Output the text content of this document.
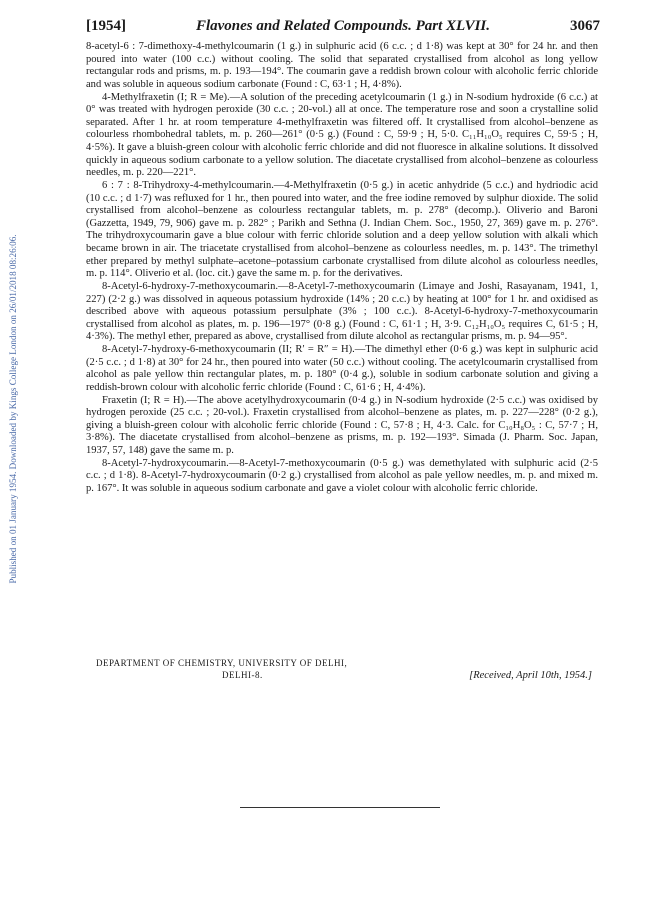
[1954]	Flavones and Related Compounds. Part XLVII.	3067
Published on 01 January 1954. Downloaded by Kings College London on 26/01/2018 08:26:06.

8-acetyl-6 : 7-dimethoxy-4-methylcoumarin (1 g.) in sulphuric acid (6 c.c. ; d 1·8) was kept at 30° for 24 hr. and then poured into water (100 c.c.) without cooling. The solid that separated crystallised from alcohol as long yellow rectangular rods and prisms, m. p. 193—194°. The coumarin gave a reddish brown colour with alcoholic ferric chloride and was soluble in aqueous sodium carbonate (Found : C, 63·1 ; H, 4·8%).

4-Methylfraxetin (I; R = Me).—A solution of the preceding acetylcoumarin (1 g.) in N-sodium hydroxide (6 c.c.) at 0° was treated with hydrogen peroxide (30 c.c. ; 20-vol.) all at once. The temperature rose and soon a crystalline solid separated. After 1 hr. at room temperature 4-methylfraxetin was filtered off. It crystallised from alcohol–benzene as colourless rhombohedral tablets, m. p. 260—261° (0·5 g.) (Found : C, 59·9 ; H, 5·0. C₁₁H₁₀O₅ requires C, 59·5 ; H, 4·5%). It gave a bluish-green colour with alcoholic ferric chloride and did not fluoresce in alkaline solutions. It dissolved quickly in aqueous sodium carbonate to a yellow solution. The diacetate crystallised from alcohol–benzene as colourless needles, m. p. 220—221°.

6 : 7 : 8-Trihydroxy-4-methylcoumarin.—4-Methylfraxetin (0·5 g.) in acetic anhydride (5 c.c.) and hydriodic acid (10 c.c. ; d 1·7) was refluxed for 1 hr., then poured into water, and the free iodine removed by sulphur dioxide. The solid crystallised from alcohol–benzene as colourless rectangular tablets, m. p. 278° (decomp.). Oliverio and Baroni (Gazzetta, 1949, 79, 906) gave m. p. 282° ; Parikh and Sethna (J. Indian Chem. Soc., 1950, 27, 369) gave m. p. 276°. The trihydroxycoumarin gave a blue colour with ferric chloride solution and a deep yellow solution with alkali which became brown in air. The triacetate crystallised from alcohol–benzene as colourless needles, m. p. 143°. The trimethyl ether prepared by methyl sulphate–acetone–potassium carbonate crystallised from dilute alcohol as colourless needles, m. p. 114°. Oliverio et al. (loc. cit.) gave the same m. p. for the derivatives.

8-Acetyl-6-hydroxy-7-methoxycoumarin.—8-Acetyl-7-methoxycoumarin (Limaye and Joshi, Rasayanam, 1941, 1, 227) (2·2 g.) was dissolved in aqueous potassium hydroxide (14% ; 20 c.c.) by heating at 100° for 1 hr. and oxidised as described above with aqueous potassium persulphate (3% ; 100 c.c.). 8-Acetyl-6-hydroxy-7-methoxycoumarin crystallised from alcohol as plates, m. p. 196—197° (0·8 g.) (Found : C, 61·1 ; H, 3·9. C₁₂H₁₀O₅ requires C, 61·5 ; H, 4·3%). The methyl ether, prepared as above, crystallised from dilute alcohol as rectangular prisms, m. p. 94—95°.

8-Acetyl-7-hydroxy-6-methoxycoumarin (II; R′ = R″ = H).—The dimethyl ether (0·6 g.) was kept in sulphuric acid (2·5 c.c. ; d 1·8) at 30° for 24 hr., then poured into water (50 c.c.) without cooling. The acetylcoumarin crystallised from alcohol as pale yellow thin rectangular plates, m. p. 180° (0·4 g.), soluble in sodium carbonate solution and giving a reddish-brown colour with alcoholic ferric chloride (Found : C, 61·6 ; H, 4·4%).

Fraxetin (I; R = H).—The above acetylhydroxycoumarin (0·4 g.) in N-sodium hydroxide (2·5 c.c.) was oxidised by hydrogen peroxide (25 c.c. ; 20-vol.). Fraxetin crystallised from alcohol–benzene as plates, m. p. 227—228° (0·2 g.), giving a bluish-green colour with alcoholic ferric chloride (Found : C, 57·8 ; H, 4·3. Calc. for C₁₀H₈O₅ : C, 57·7 ; H, 3·8%). The diacetate crystallised from alcohol–benzene as prisms, m. p. 192—193°. Simada (J. Pharm. Soc. Japan, 1937, 57, 148) gave the same m. p.

8-Acetyl-7-hydroxycoumarin.—8-Acetyl-7-methoxycoumarin (0·5 g.) was demethylated with sulphuric acid (2·5 c.c. ; d 1·8). 8-Acetyl-7-hydroxycoumarin (0·2 g.) crystallised from alcohol as pale yellow needles, m. p. and mixed m. p. 167°. It was soluble in aqueous sodium carbonate and gave a violet colour with alcoholic ferric chloride.

DEPARTMENT OF CHEMISTRY, UNIVERSITY OF DELHI,
DELHI-8.	[Received, April 10th, 1954.]
